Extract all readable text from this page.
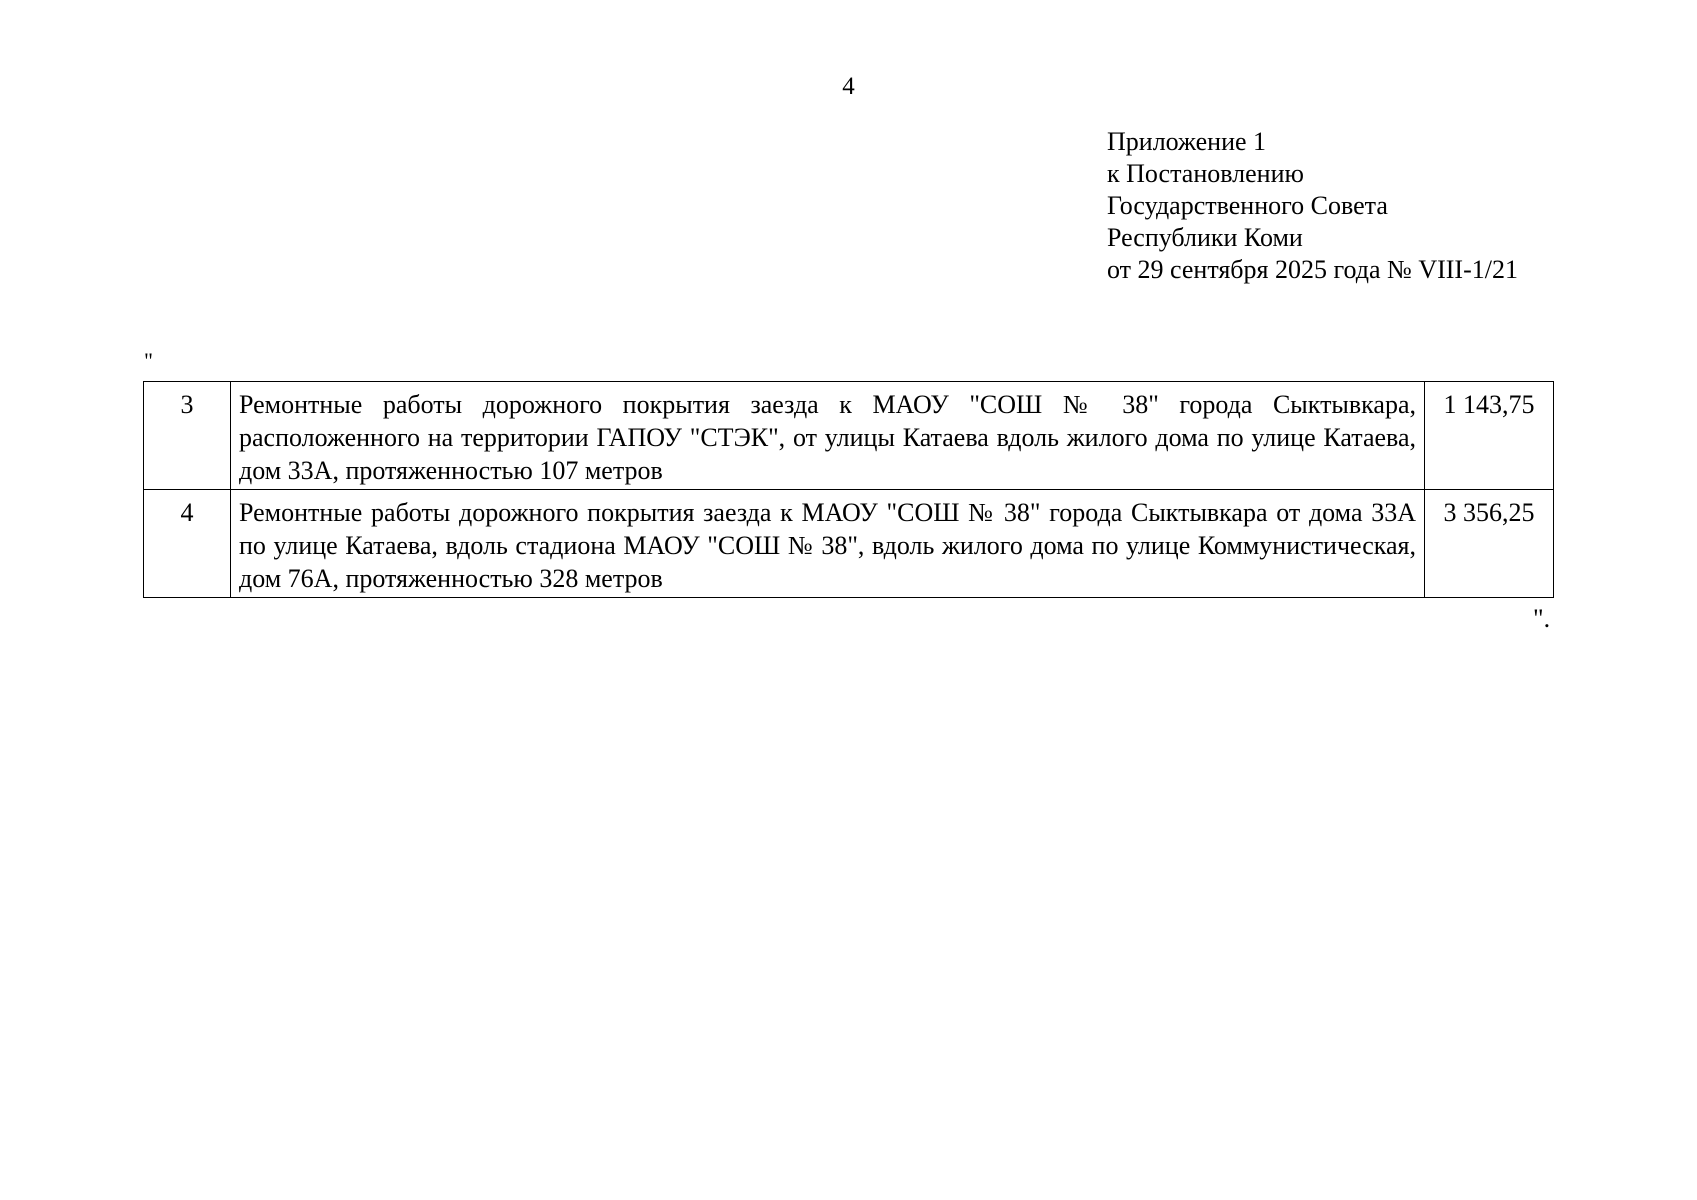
4
Приложение 1
к Постановлению
Государственного Совета
Республики Коми
от 29 сентября 2025 года № VIII-1/21
"
3	Ремонтные работы дорожного покрытия заезда к МАОУ "СОШ № 38" города Сыктывкара, расположенного на территории ГАПОУ "СТЭК", от улицы Катаева вдоль жилого дома по улице Катаева, дом 33А, протяженностью 107 метров	1 143,75
4	Ремонтные работы дорожного покрытия заезда к МАОУ "СОШ № 38" города Сыктывкара от дома 33А по улице Катаева, вдоль стадиона МАОУ "СОШ № 38", вдоль жилого дома по улице Коммунистическая, дом 76А, протяженностью 328 метров	3 356,25
".
